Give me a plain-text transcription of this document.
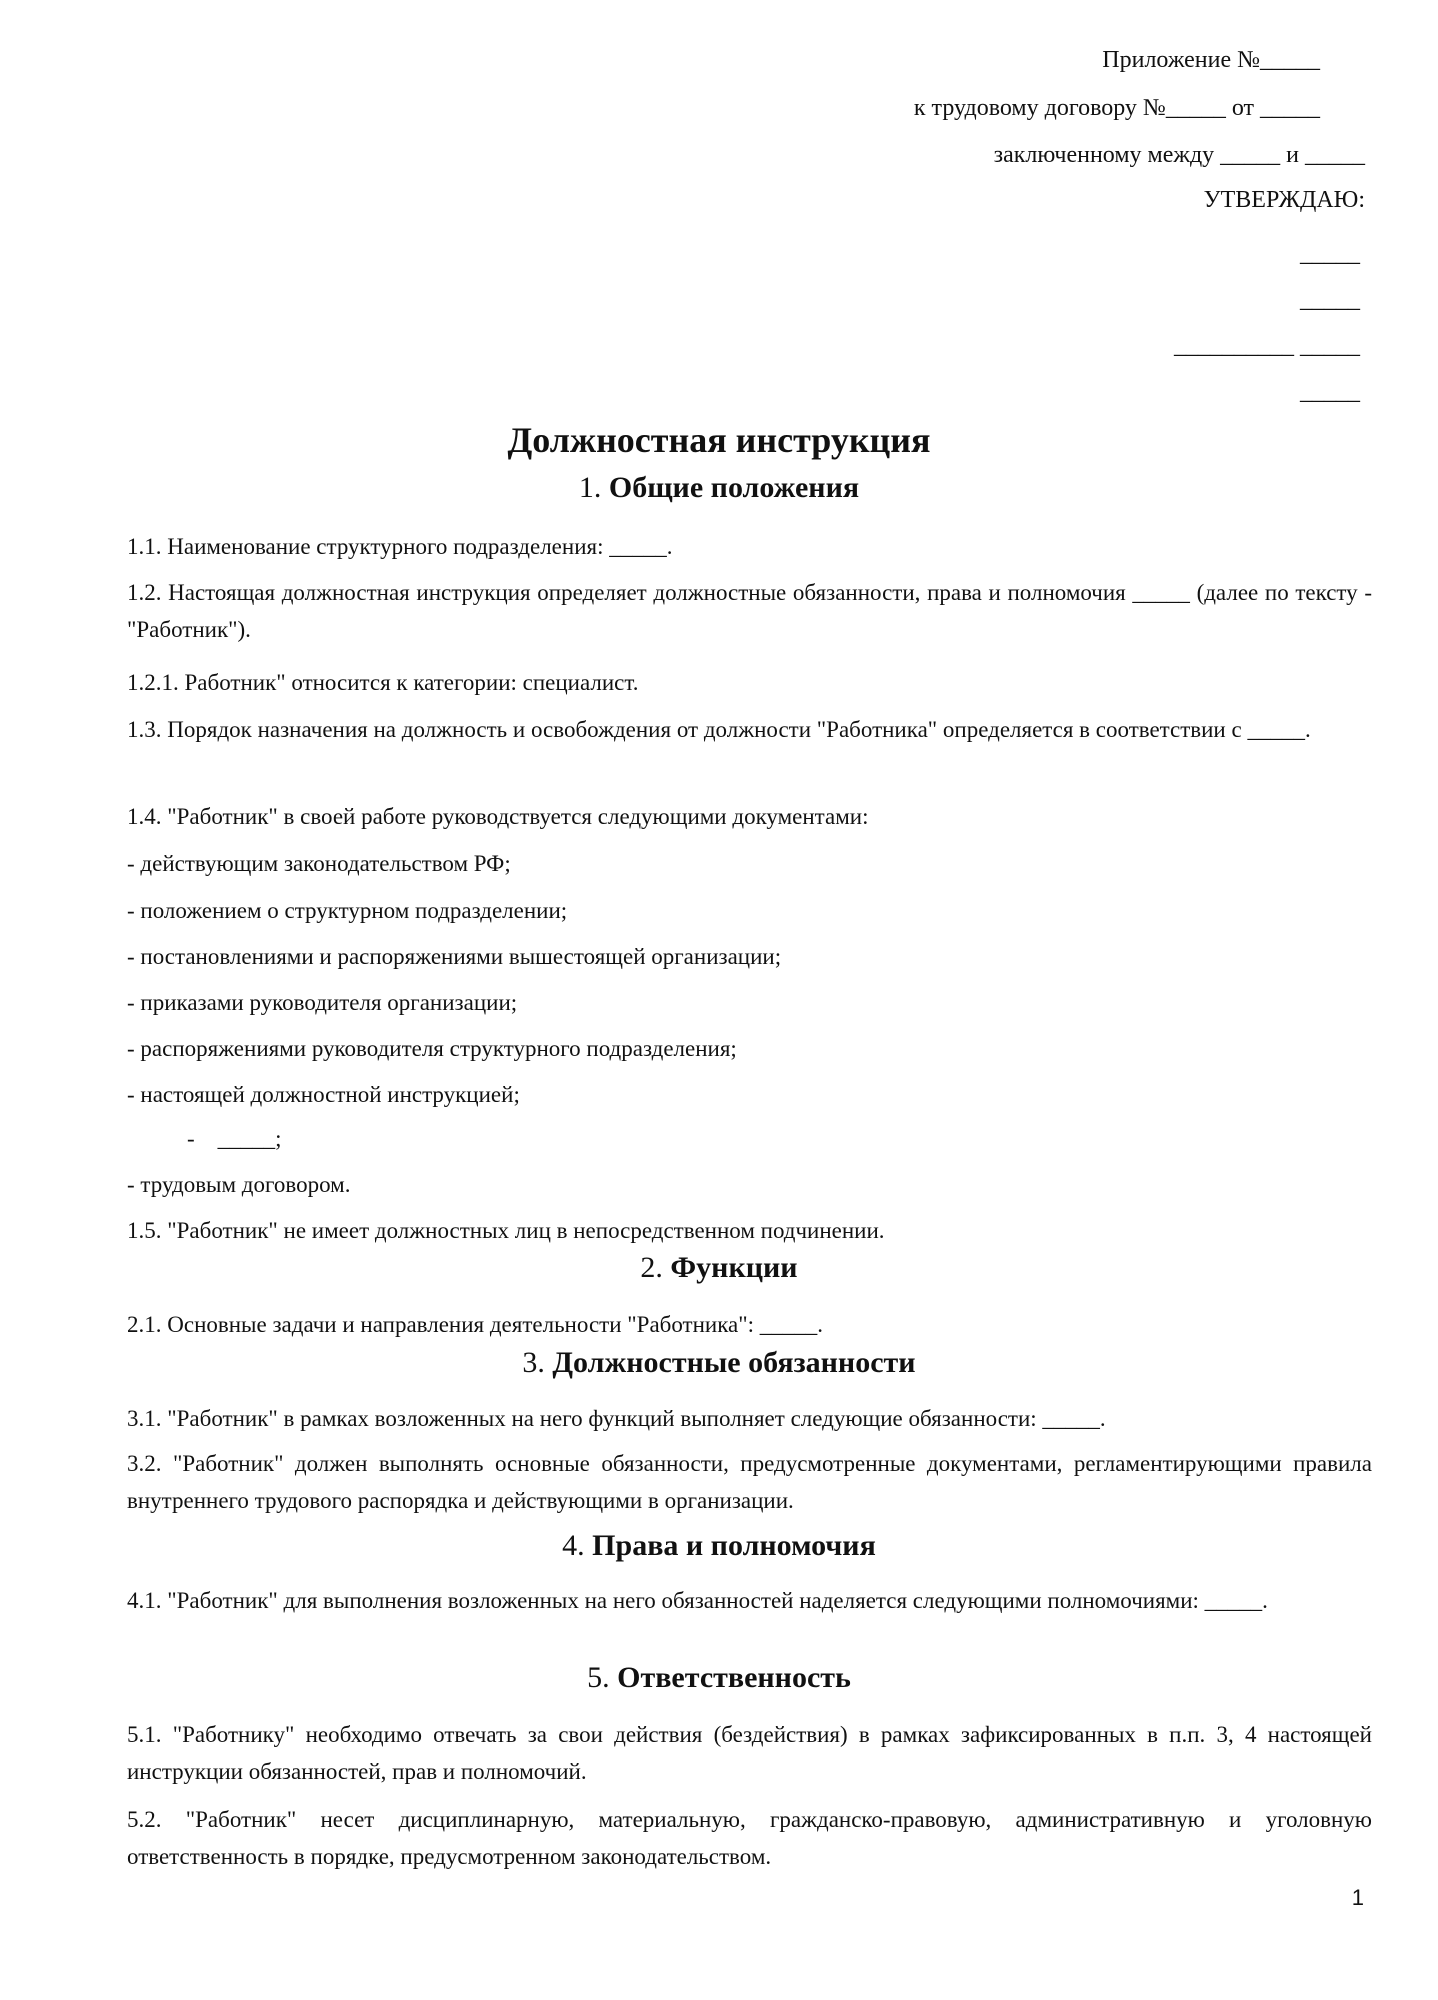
Приложение №_____
к трудовому договору №_____ от _____
заключенному между _____ и _____
УТВЕРЖДАЮ:
_____
_____
__________ _____
_____
Должностная инструкция
1. Общие положения
1.1. Наименование структурного подразделения: _____.
1.2. Настоящая должностная инструкция определяет должностные обязанности, права и полномочия _____ (далее по тексту - "Работник").
1.2.1. Работник" относится к категории: специалист.
1.3. Порядок назначения на должность и освобождения от должности "Работника" определяется в соответствии с _____.
1.4. "Работник" в своей работе руководствуется следующими документами:
- действующим законодательством РФ;
- положением о структурном подразделении;
- постановлениями и распоряжениями вышестоящей организации;
- приказами руководителя организации;
- распоряжениями руководителя структурного подразделения;
- настоящей должностной инструкцией;
-    _____;
- трудовым договором.
1.5. "Работник" не имеет должностных лиц в непосредственном подчинении.
2. Функции
2.1. Основные задачи и направления деятельности "Работника": _____.
3. Должностные обязанности
3.1. "Работник" в рамках возложенных на него функций выполняет следующие обязанности: _____.
3.2. "Работник" должен выполнять основные обязанности, предусмотренные документами, регламентирующими правила внутреннего трудового распорядка и действующими в организации.
4. Права и полномочия
4.1. "Работник" для выполнения возложенных на него обязанностей наделяется следующими полномочиями: _____.
5. Ответственность
5.1. "Работнику" необходимо отвечать за свои действия (бездействия) в рамках зафиксированных в п.п. 3, 4 настоящей инструкции обязанностей, прав и полномочий.
5.2. "Работник" несет дисциплинарную, материальную, гражданско-правовую, административную и уголовную ответственность в порядке, предусмотренном законодательством.
1
